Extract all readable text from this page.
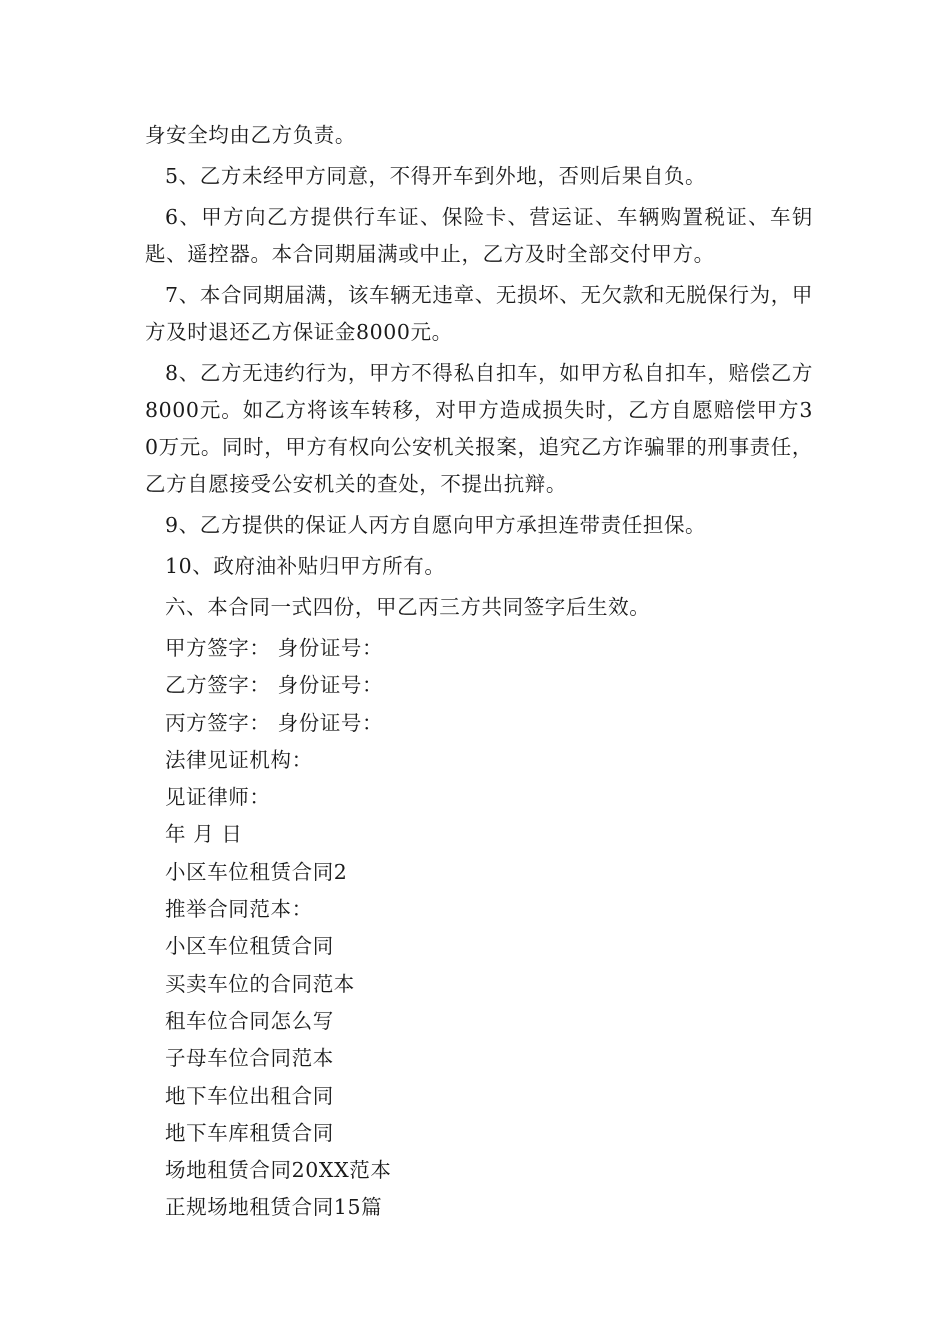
身安全均由乙方负责。

5、乙方未经甲方同意，不得开车到外地，否则后果自负。

6、甲方向乙方提供行车证、保险卡、营运证、车辆购置税证、车钥匙、遥控器。本合同期届满或中止，乙方及时全部交付甲方。

7、本合同期届满，该车辆无违章、无损坏、无欠款和无脱保行为，甲方及时退还乙方保证金8000元。

8、乙方无违约行为，甲方不得私自扣车，如甲方私自扣车，赔偿乙方8000元。如乙方将该车转移，对甲方造成损失时，乙方自愿赔偿甲方30万元。同时，甲方有权向公安机关报案，追究乙方诈骗罪的刑事责任，乙方自愿接受公安机关的查处，不提出抗辩。

9、乙方提供的保证人丙方自愿向甲方承担连带责任担保。

10、政府油补贴归甲方所有。

六、本合同一式四份，甲乙丙三方共同签字后生效。

甲方签字： 身份证号：

乙方签字： 身份证号：

丙方签字： 身份证号：

法律见证机构：

见证律师：

年 月 日

小区车位租赁合同2

推举合同范本：

小区车位租赁合同

买卖车位的合同范本

租车位合同怎么写

子母车位合同范本

地下车位出租合同

地下车库租赁合同

场地租赁合同20XX范本

正规场地租赁合同15篇
